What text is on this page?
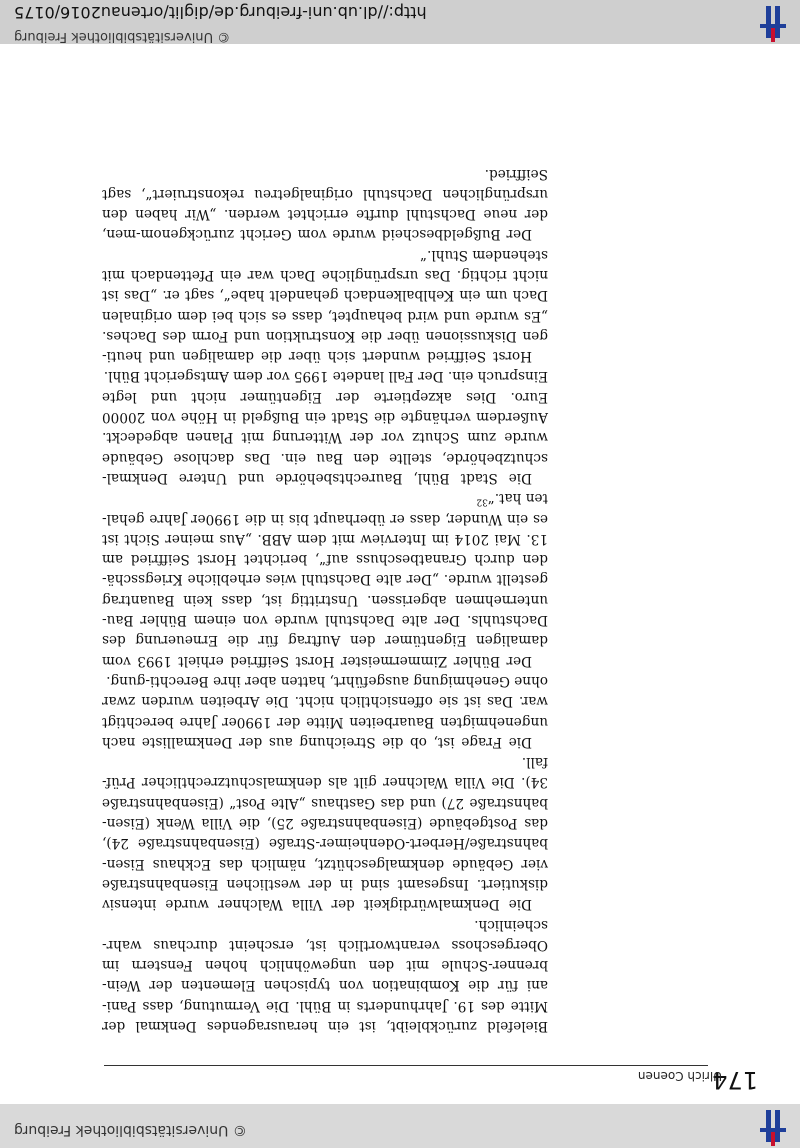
© Universitätsbibliothek Freiburg
174
Ulrich Coenen

Bielefeld zurückbleibt, ist ein herausragendes Denkmal der Mitte des 19. Jahrhunderts in Bühl. Die Vermutung, dass Pani-ani für die Kombination von typischen Elementen der Wein-brenner-Schule mit den ungewöhnlich hohen Fenstern im Obergeschoss verantwortlich ist, erscheint durchaus wahr-scheinlich.

Die Denkmalwürdigkeit der Villa Walchner wurde intensiv diskutiert. Insgesamt sind in der westlichen Eisenbahnstraße vier Gebäude denkmalgeschützt, nämlich das Eckhaus Eisen-bahnstraße/Herbert-Odenheimer-Straße (Eisenbahnstraße 24), das Postgebäude (Eisenbahnstraße 25), die Villa Wenk (Eisen-bahnstraße 27) und das Gasthaus „Alte Post“ (Eisenbahnstraße 34). Die Villa Walchner gilt als denkmalschutzrechtlicher Prüf-fall.

Die Frage ist, ob die Streichung aus der Denkmalliste nach ungenehmigten Bauarbeiten Mitte der 1990er Jahre berechtigt war. Das ist sie offensichtlich nicht. Die Arbeiten wurden zwar ohne Genehmigung ausgeführt, hatten aber ihre Berechti-gung.

Der Bühler Zimmermeister Horst Seiffried erhielt 1993 vom damaligen Eigentümer den Auftrag für die Erneuerung des Dachstuhls. Der alte Dachstuhl wurde von einem Bühler Bau-unternehmen abgerissen. Unstrittig ist, dass kein Bauantrag gestellt wurde. „Der alte Dachstuhl wies erhebliche Kriegsschä-den durch Granatbeschuss auf“, berichtet Horst Seiffried am 13. Mai 2014 im Interview mit dem ABB. „Aus meiner Sicht ist es ein Wunder, dass er überhaupt bis in die 1990er Jahre gehal-ten hat.“$^{32}$

Die Stadt Bühl, Baurechtsbehörde und Untere Denkmal-schutzbehörde, stellte den Bau ein. Das dachlose Gebäude wurde zum Schutz vor der Witterung mit Planen abgedeckt. Außerdem verhängte die Stadt ein Bußgeld in Höhe von 20000 Euro. Dies akzeptierte der Eigentümer nicht und legte Einspruch ein. Der Fall landete 1995 vor dem Amtsgericht Bühl.

Horst Seiffried wundert sich über die damaligen und heuti-gen Diskussionen über die Konstruktion und Form des Daches. „Es wurde und wird behauptet, dass es sich bei dem originalen Dach um ein Kehlbalkendach gehandelt habe“, sagt er. „Das ist nicht richtig. Das ursprüngliche Dach war ein Pfettendach mit stehendem Stuhl.“

Der Bußgeldbescheid wurde vom Gericht zurückgenom-men, der neue Dachstuhl durfte errichtet werden. „Wir haben den ursprünglichen Dachstuhl originalgetreu rekonstruiert“, sagt Seiffried.

http://dl.ub.uni-freiburg.de/diglit/ortenau2016/0175
© Universitätsbibliothek Freiburg
